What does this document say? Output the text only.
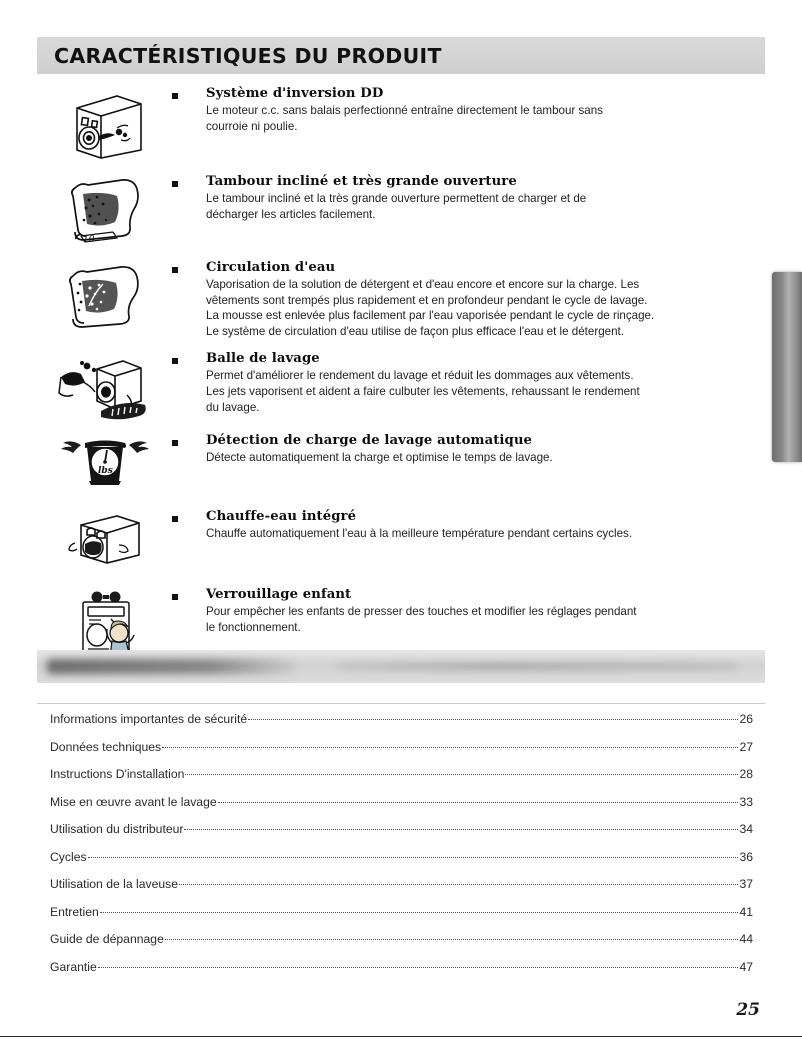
CARACTÉRISTIQUES DU PRODUIT

Système d'inversion DD

Le moteur c.c. sans balais perfectionné entraîne directement le tambour sans
courroie ni poulie.
10

Tambour incliné et très grande ouverture

Le tambour incliné et la très grande ouverture permettent de charger et de
décharger les articles facilement.

Circulation d'eau

Vaporisation de la solution de détergent et d'eau encore et encore sur la charge. Les
vêtements sont trempés plus rapidement et en profondeur pendant le cycle de lavage.
La mousse est enlevée plus facilement par l'eau vaporisée pendant le cycle de rinçage.
Le système de circulation d'eau utilise de façon plus efficace l'eau et le détergent.

Balle de lavage

Permet d'améliorer le rendement du lavage et réduit les dommages aux vêtements.
Les jets vaporisent et aident a faire culbuter les vêtements, rehaussant le rendement
du lavage.
lbs

Détection de charge de lavage automatique

Détecte automatiquement la charge et optimise le temps de lavage.

Chauffe-eau intégré

Chauffe automatiquement l'eau à la meilleure température pendant certains cycles.

Verrouillage enfant

Pour empêcher les enfants de presser des touches et modifier les réglages pendant
le fonctionnement.
Informations importantes de sécurité	26
Données techniques	27
Instructions D'installation	28
Mise en œuvre avant le lavage	33
Utilisation du distributeur	34
Cycles	36
Utilisation de la laveuse	37
Entretien	41
Guide de dépannage	44
Garantie	47
25
